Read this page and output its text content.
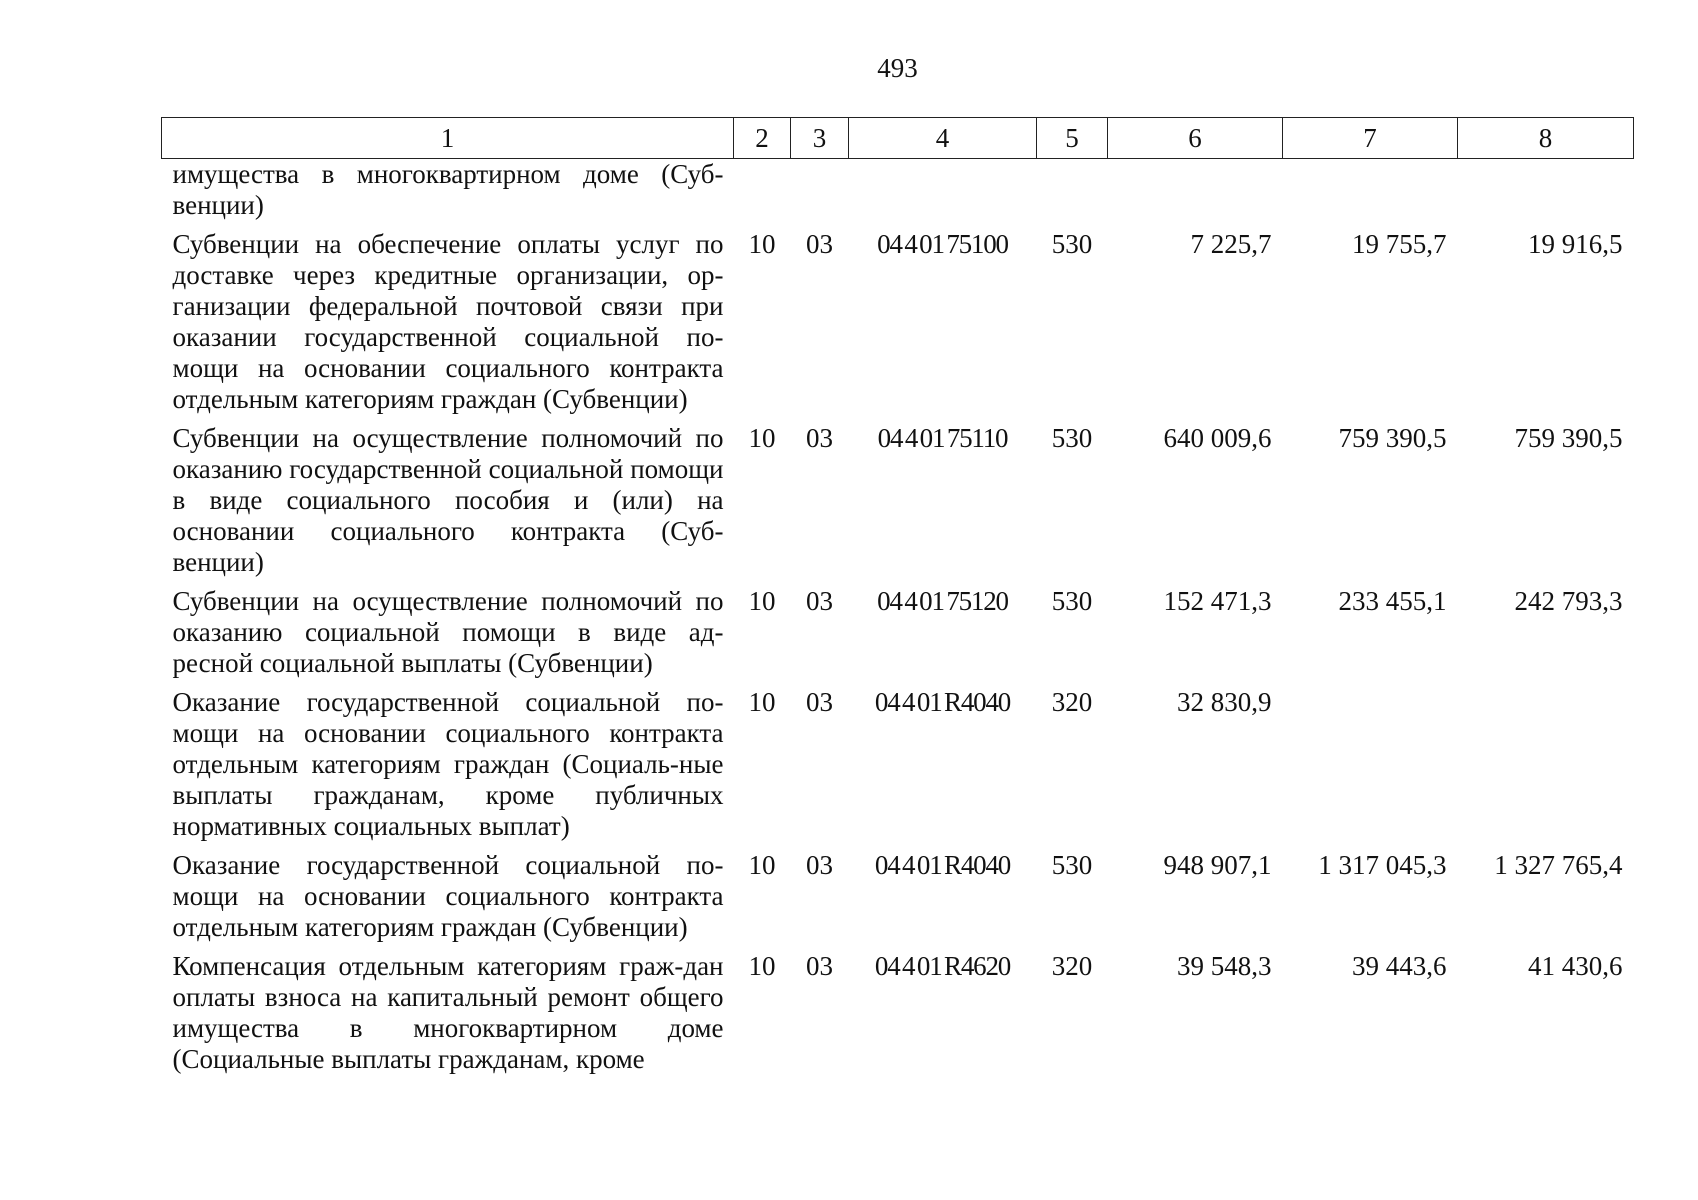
493
1	2	3	4	5	6	7	8
имущества в многоквартирном доме (Суб-венции)							
Субвенции на обеспечение оплаты услуг по доставке через кредитные организации, ор-ганизации федеральной почтовой связи при оказании государственной социальной по-мощи на основании социального контракта отдельным категориям граждан (Субвенции)	10	03	04 4 01 75100	530	7 225,7	19 755,7	19 916,5
Субвенции на осуществление полномочий по оказанию государственной социальной помощи в виде социального пособия и (или) на основании социального контракта (Суб-венции)	10	03	04 4 01 75110	530	640 009,6	759 390,5	759 390,5
Субвенции на осуществление полномочий по оказанию социальной помощи в виде ад-ресной социальной выплаты (Субвенции)	10	03	04 4 01 75120	530	152 471,3	233 455,1	242 793,3
Оказание государственной социальной по-мощи на основании социального контракта отдельным категориям граждан (Социаль-ные выплаты гражданам, кроме публичных нормативных социальных выплат)	10	03	04 4 01 R4040	320	32 830,9		
Оказание государственной социальной по-мощи на основании социального контракта отдельным категориям граждан (Субвенции)	10	03	04 4 01 R4040	530	948 907,1	1 317 045,3	1 327 765,4
Компенсация отдельным категориям граж-дан оплаты взноса на капитальный ремонт общего имущества в многоквартирном доме (Социальные выплаты гражданам, кроме	10	03	04 4 01 R4620	320	39 548,3	39 443,6	41 430,6
